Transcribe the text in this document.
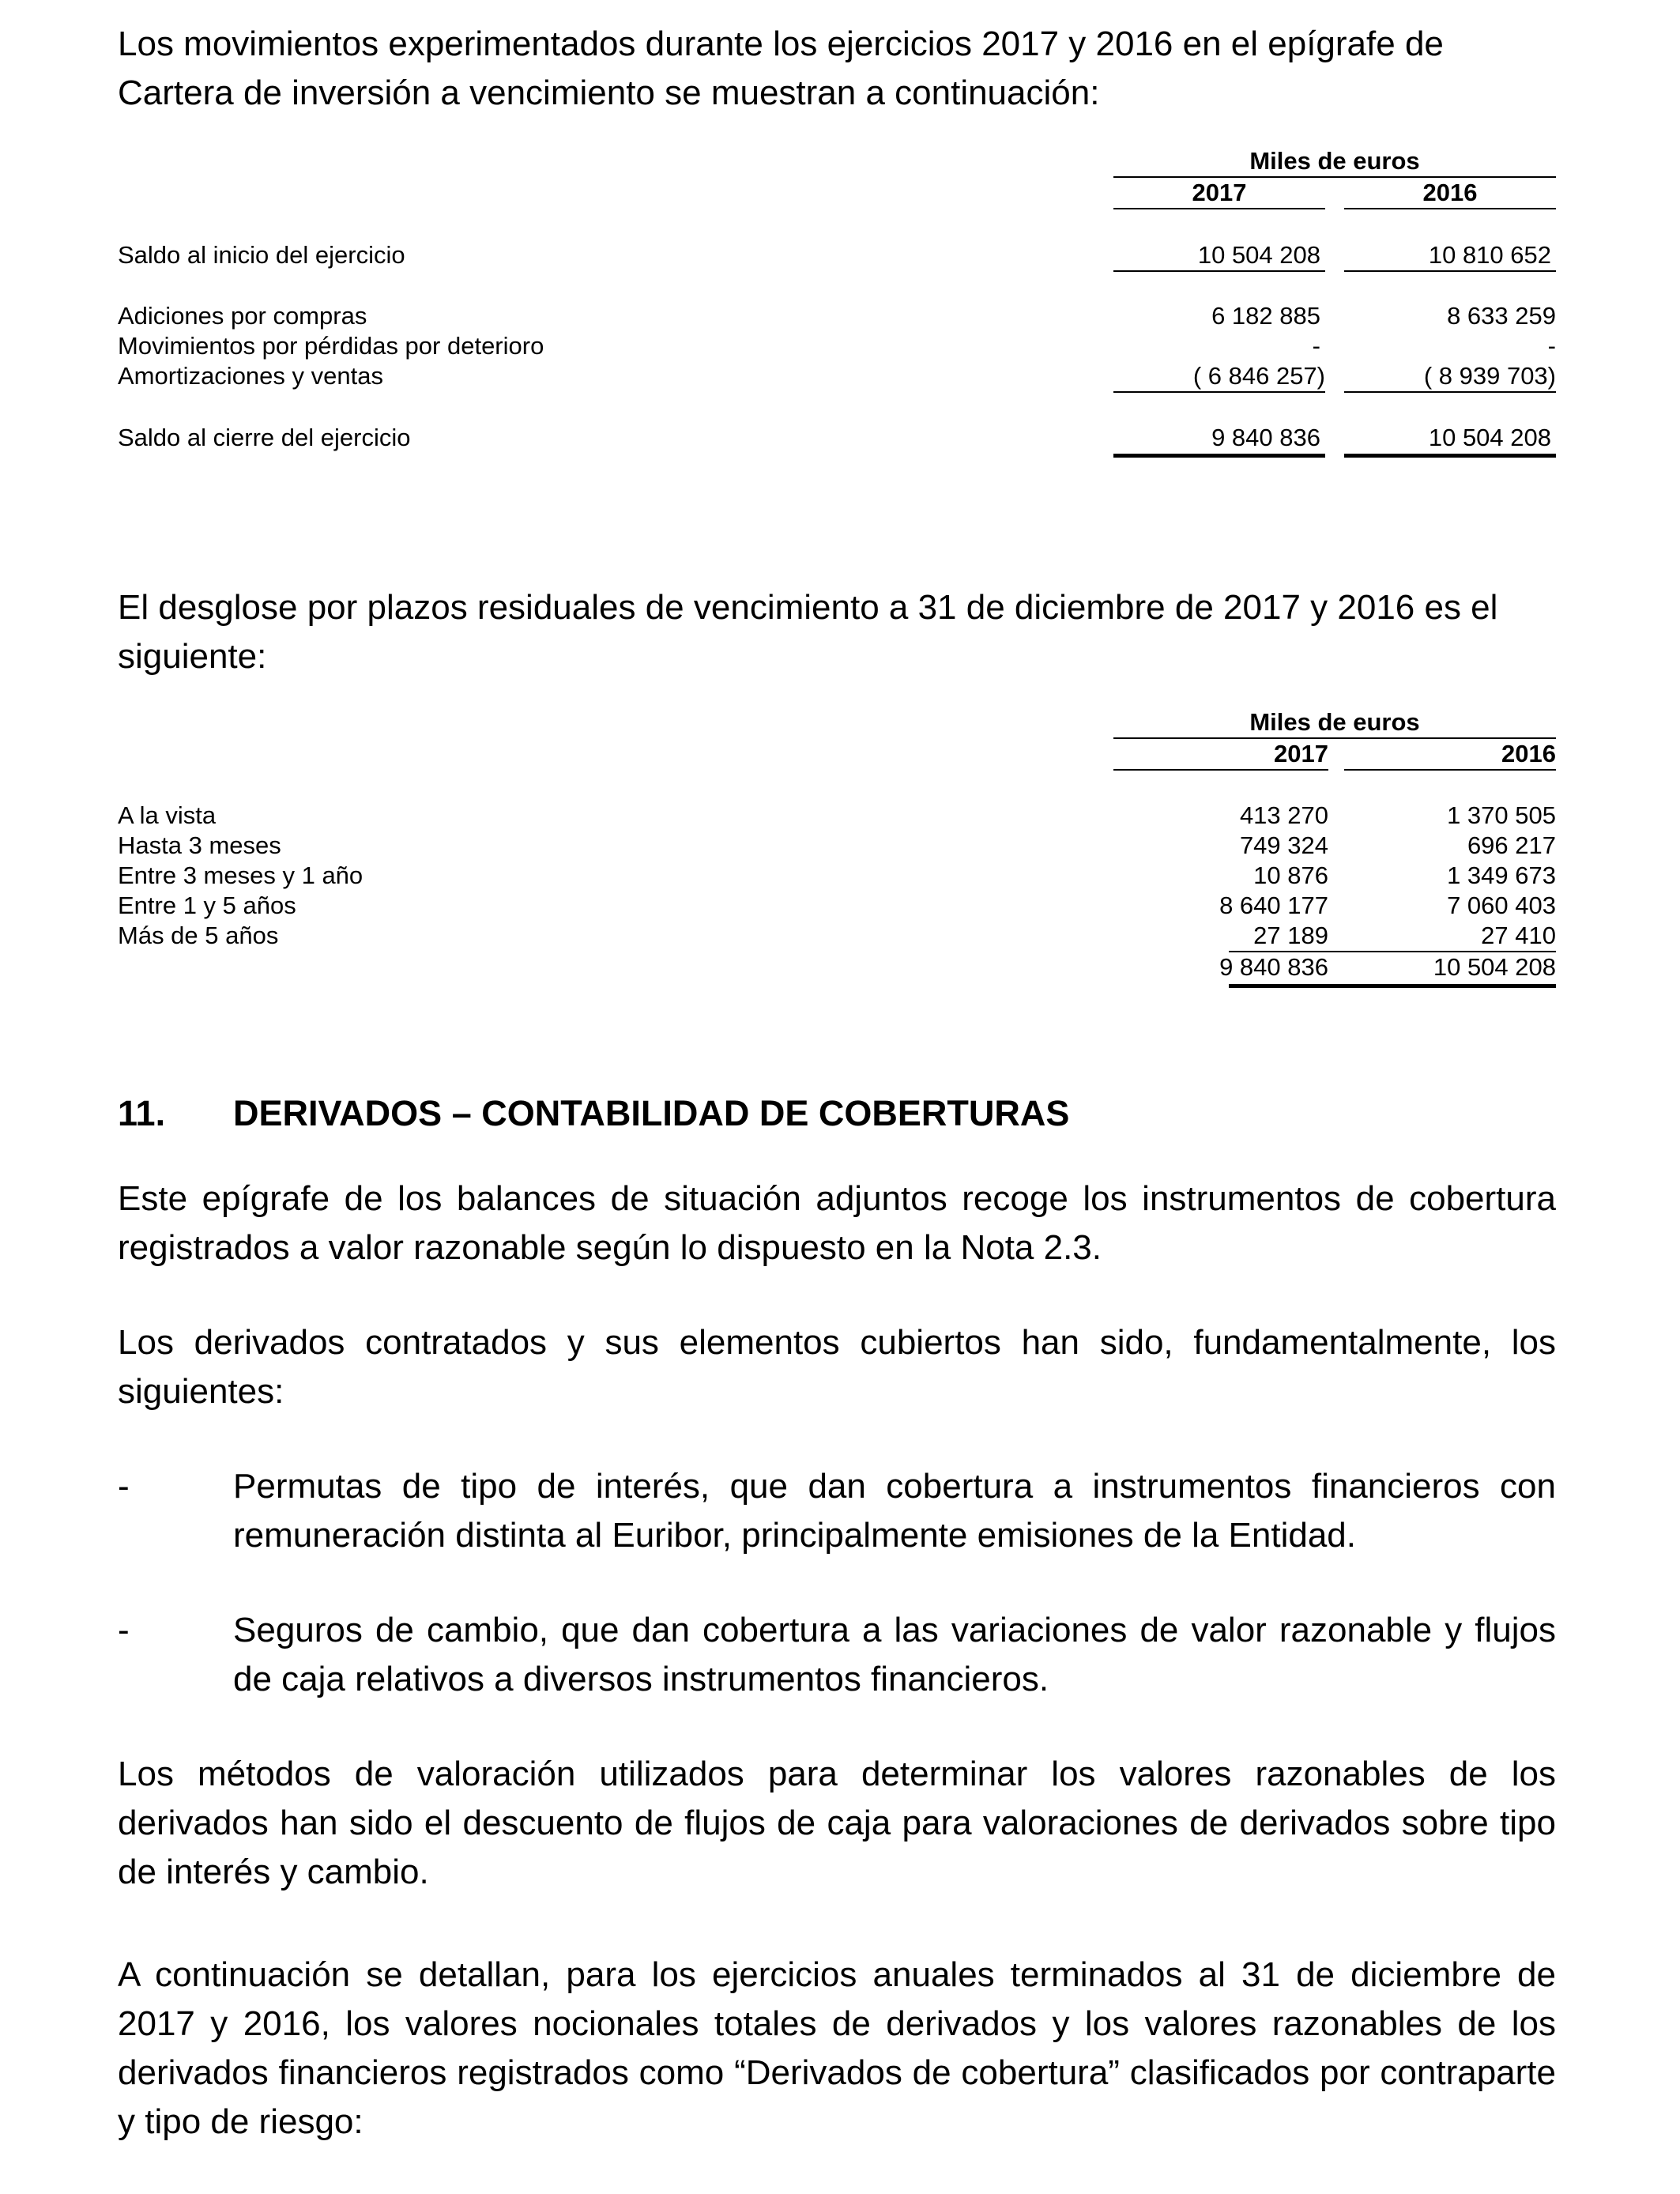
Los movimientos experimentados durante los ejercicios 2017 y 2016 en el epígrafe de Cartera de inversión a vencimiento se muestran a continuación:

Miles de euros
2017	2016
Saldo al inicio del ejercicio	10 504 208	10 810 652
Adiciones por compras	6 182 885	8 633 259
Movimientos por pérdidas por deterioro	-	-
Amortizaciones y ventas	( 6 846 257)	( 8 939 703)
Saldo al cierre del ejercicio	9 840 836	10 504 208

El desglose por plazos residuales de vencimiento a 31 de diciembre de 2017 y 2016 es el siguiente:

Miles de euros
2017	2016
A la vista	413 270	1 370 505
Hasta 3 meses	749 324	696 217
Entre 3 meses y 1 año	10 876	1 349 673
Entre 1 y 5 años	8 640 177	7 060 403
Más de 5 años	27 189	27 410
9 840 836	10 504 208
11. DERIVADOS – CONTABILIDAD DE COBERTURAS

Este epígrafe de los balances de situación adjuntos recoge los instrumentos de cobertura registrados a valor razonable según lo dispuesto en la Nota 2.3.

Los derivados contratados y sus elementos cubiertos han sido, fundamentalmente, los siguientes:

-	Permutas de tipo de interés, que dan cobertura a instrumentos financieros con remuneración distinta al Euribor, principalmente emisiones de la Entidad.

-	Seguros de cambio, que dan cobertura a las variaciones de valor razonable y flujos de caja relativos a diversos instrumentos financieros.

Los métodos de valoración utilizados para determinar los valores razonables de los derivados han sido el descuento de flujos de caja para valoraciones de derivados sobre tipo de interés y cambio.

A continuación se detallan, para los ejercicios anuales terminados al 31 de diciembre de 2017 y 2016, los valores nocionales totales de derivados y los valores razonables de los derivados financieros registrados como “Derivados de cobertura” clasificados por contraparte y tipo de riesgo:
